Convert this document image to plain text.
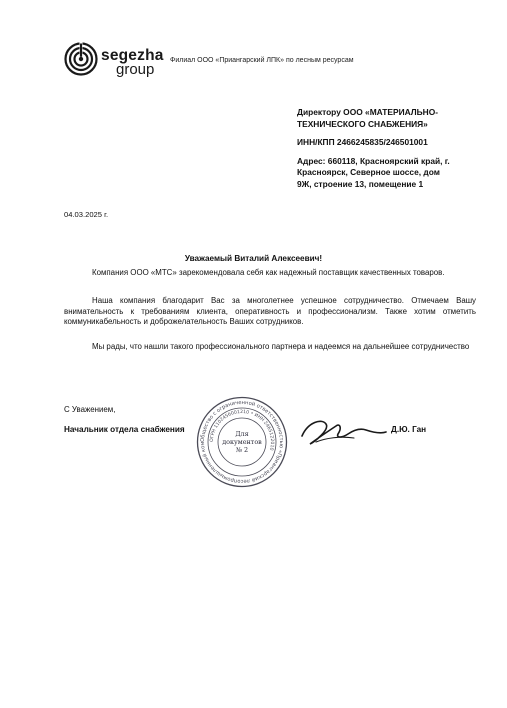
segezha
group
Филиал ООО «Приангарский ЛПК» по лесным ресурсам
Директору ООО «МАТЕРИАЛЬНО-
ТЕХНИЧЕСКОГО СНАБЖЕНИЯ»
ИНН/КПП 2466245835/246501001
Адрес: 660118, Красноярский край, г.
Красноярск, Северное шоссе, дом
9Ж, строение 13, помещение 1
04.03.2025 г.
Уважаемый Виталий Алексеевич!
Компания ООО «МТС» зарекомендовала себя как надежный поставщик качественных товаров.
Наша компания благодарит Вас за многолетнее успешное сотрудничество. Отмечаем Вашу внимательность к требованиям клиента, оперативность и профессионализм. Также хотим отметить коммуникабельность и доброжелательность Ваших сотрудников.
Мы рады, что нашли такого профессионального партнера и надеемся на дальнейшее сотрудничество
С Уважением,
Начальник отдела снабжения
Общество с ограниченной ответственностью «Приангарский лесопромышленный ком
ОГРН 1102456001210 • ИНН 2465122010
Для
документов
№ 2
Д.Ю. Ган
